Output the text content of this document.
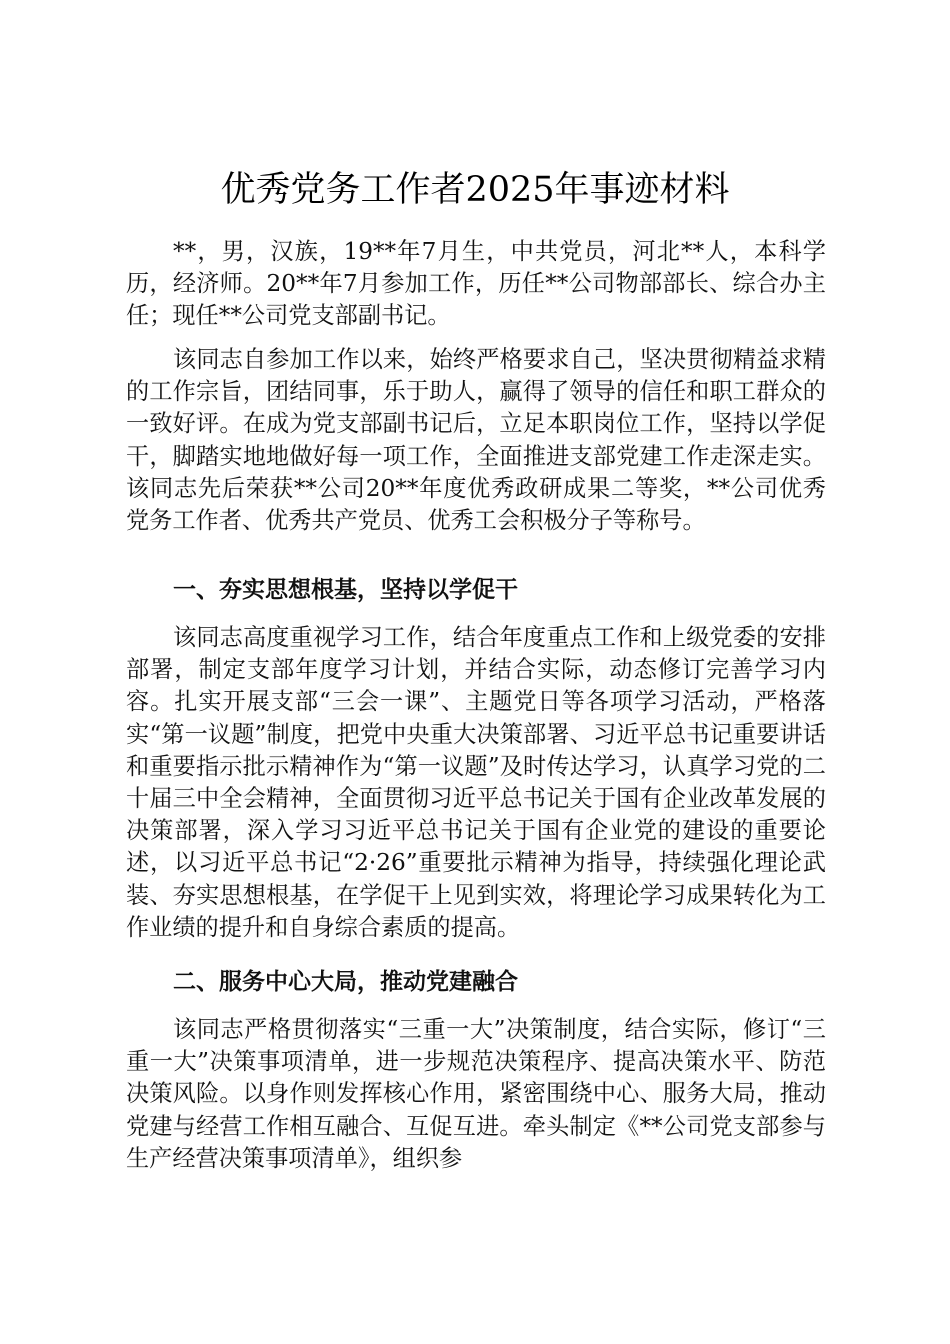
优秀党务工作者2025年事迹材料

**，男，汉族，19**年7月生，中共党员，河北**人，本科学历，经济师。20**年7月参加工作，历任**公司物部部长、综合办主任；现任**公司党支部副书记。

该同志自参加工作以来，始终严格要求自己，坚决贯彻精益求精的工作宗旨，团结同事，乐于助人，赢得了领导的信任和职工群众的一致好评。在成为党支部副书记后，立足本职岗位工作，坚持以学促干，脚踏实地地做好每一项工作，全面推进支部党建工作走深走实。该同志先后荣获**公司20**年度优秀政研成果二等奖，**公司优秀党务工作者、优秀共产党员、优秀工会积极分子等称号。

一、夯实思想根基，坚持以学促干

该同志高度重视学习工作，结合年度重点工作和上级党委的安排部署，制定支部年度学习计划，并结合实际，动态修订完善学习内容。扎实开展支部“三会一课”、主题党日等各项学习活动，严格落实“第一议题”制度，把党中央重大决策部署、习近平总书记重要讲话和重要指示批示精神作为“第一议题”及时传达学习，认真学习党的二十届三中全会精神，全面贯彻习近平总书记关于国有企业改革发展的决策部署，深入学习习近平总书记关于国有企业党的建设的重要论述，以习近平总书记“2·26”重要批示精神为指导，持续强化理论武装、夯实思想根基，在学促干上见到实效，将理论学习成果转化为工作业绩的提升和自身综合素质的提高。

二、服务中心大局，推动党建融合

该同志严格贯彻落实“三重一大”决策制度，结合实际，修订“三重一大”决策事项清单，进一步规范决策程序、提高决策水平、防范决策风险。以身作则发挥核心作用，紧密围绕中心、服务大局，推动党建与经营工作相互融合、互促互进。牵头制定《**公司党支部参与生产经营决策事项清单》，组织参
